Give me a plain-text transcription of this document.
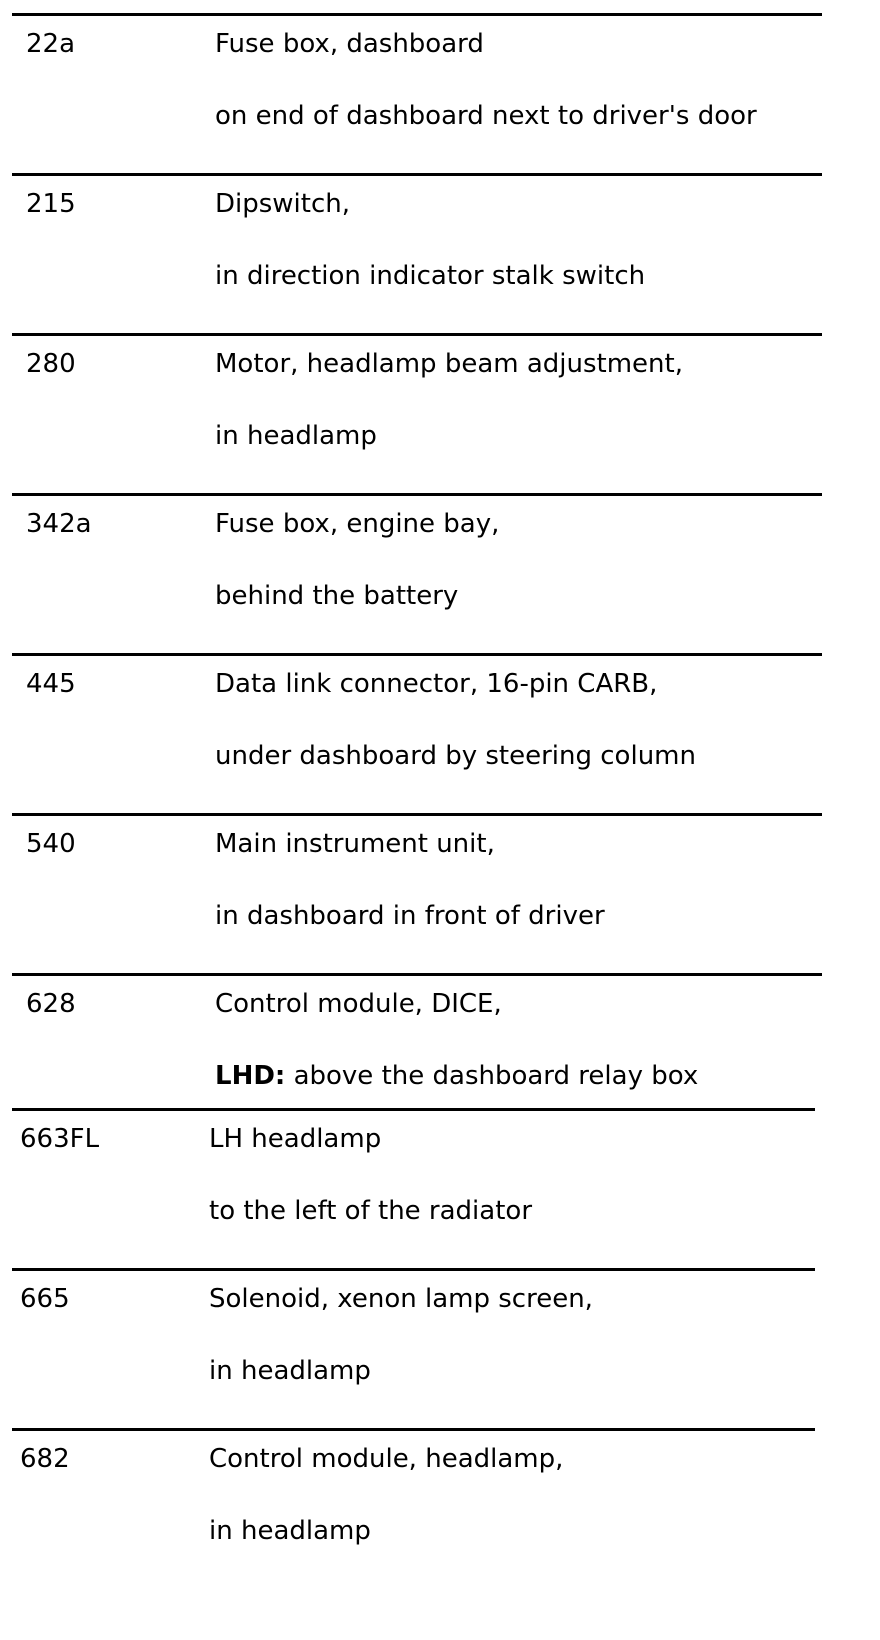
22a	Fuse box, dashboard
on end of dashboard next to driver's door
215	Dipswitch,
in direction indicator stalk switch
280	Motor, headlamp beam adjustment,
in headlamp
342a	Fuse box, engine bay,
behind the battery
445	Data link connector, 16-pin CARB,
under dashboard by steering column
540	Main instrument unit,
in dashboard in front of driver
628	Control module, DICE,
LHD: above the dashboard relay box
663FL	LH headlamp
to the left of the radiator
665	Solenoid, xenon lamp screen,
in headlamp
682	Control module, headlamp,
in headlamp
